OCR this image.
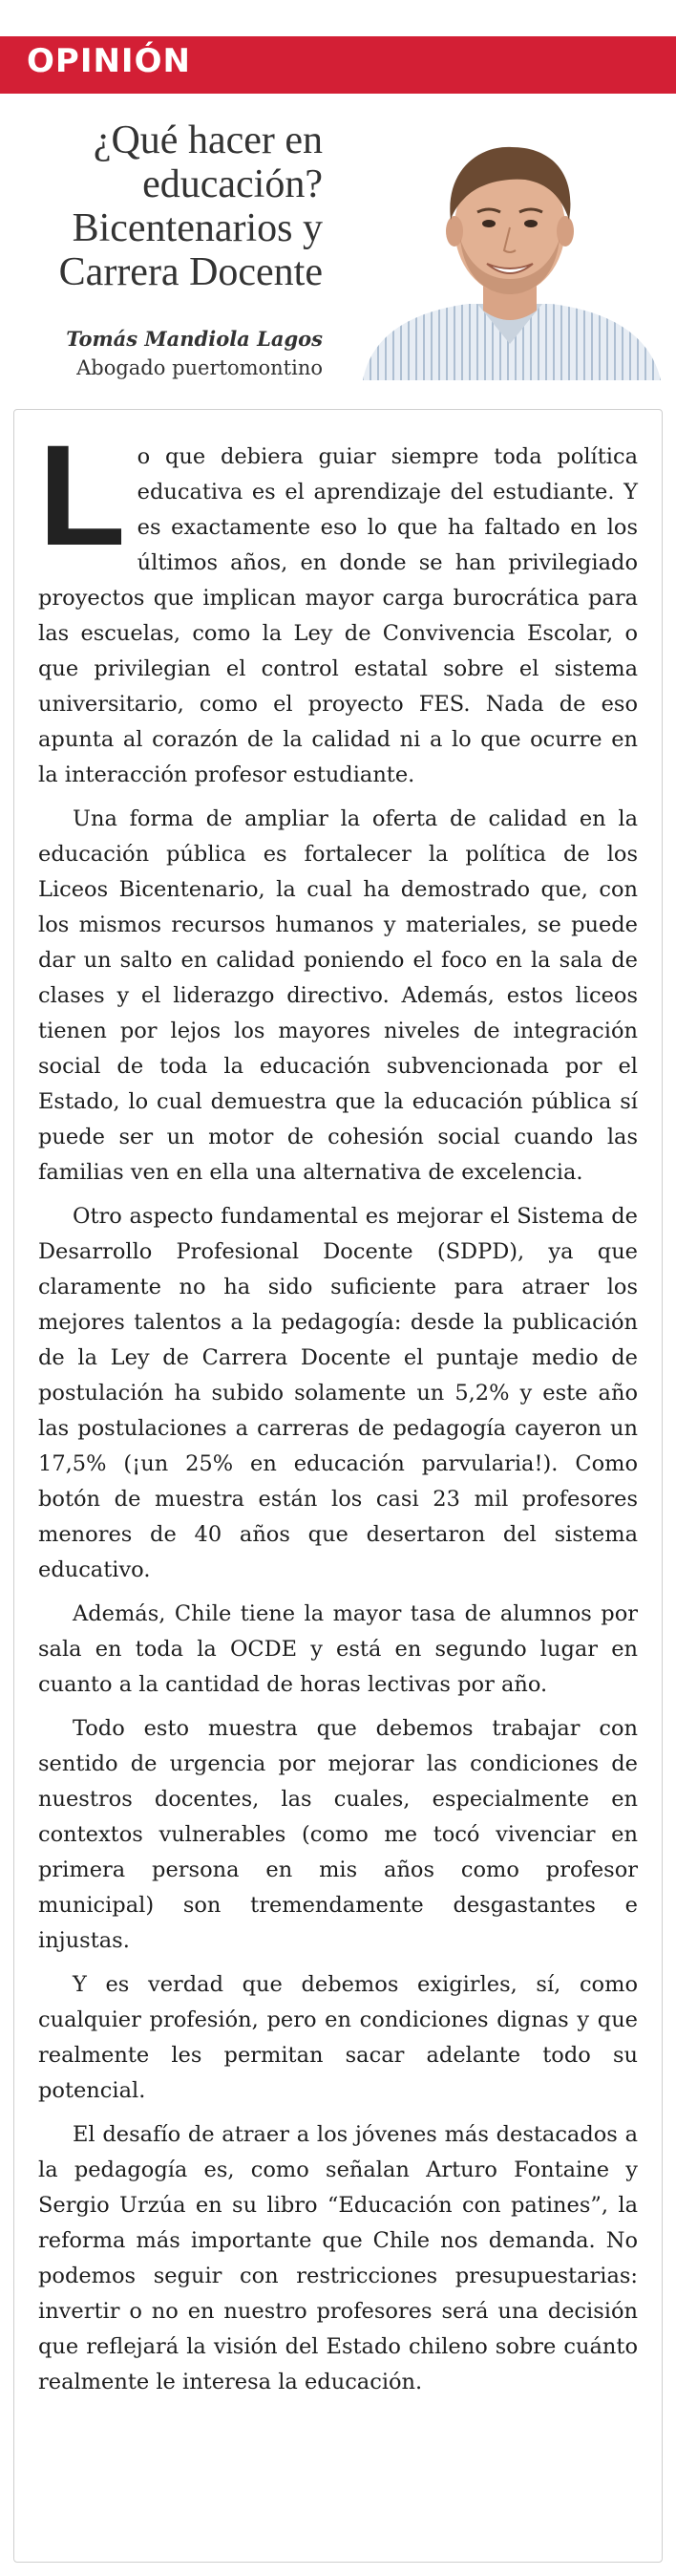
OPINIÓN
¿Qué hacer en
educación?
Bicentenarios y
Carrera Docente
Tomás Mandiola Lagos
Abogado puertomontino

Lo que debiera guiar siempre toda política educativa es el aprendizaje del estudiante. Y es exactamente eso lo que ha faltado en los últimos años, en donde se han privilegiado proyectos que implican mayor carga burocrática para las escuelas, como la Ley de Convivencia Escolar, o que privilegian el control estatal sobre el sistema universitario, como el proyecto FES. Nada de eso apunta al corazón de la calidad ni a lo que ocurre en la interacción profesor estudiante.

Una forma de ampliar la oferta de calidad en la educación pública es fortalecer la política de los Liceos Bicentenario, la cual ha demostrado que, con los mismos recursos humanos y materiales, se puede dar un salto en calidad poniendo el foco en la sala de clases y el liderazgo directivo. Además, estos liceos tienen por lejos los mayores niveles de integración social de toda la educación subvencionada por el Estado, lo cual demuestra que la educación pública sí puede ser un motor de cohesión social cuando las familias ven en ella una alternativa de excelencia.

Otro aspecto fundamental es mejorar el Sistema de Desarrollo Profesional Docente (SDPD), ya que claramente no ha sido suficiente para atraer los mejores talentos a la pedagogía: desde la publicación de la Ley de Carrera Docente el puntaje medio de postulación ha subido solamente un 5,2% y este año las postulaciones a carreras de pedagogía cayeron un 17,5% (¡un 25% en educación parvularia!). Como botón de muestra están los casi 23 mil profesores menores de 40 años que desertaron del sistema educativo.

Además, Chile tiene la mayor tasa de alumnos por sala en toda la OCDE y está en segundo lugar en cuanto a la cantidad de horas lectivas por año.

Todo esto muestra que debemos trabajar con sentido de urgencia por mejorar las condiciones de nuestros docentes, las cuales, especialmente en contextos vulnerables (como me tocó vivenciar en primera persona en mis años como profesor municipal) son tremendamente desgastantes e injustas.

Y es verdad que debemos exigirles, sí, como cualquier profesión, pero en condiciones dignas y que realmente les permitan sacar adelante todo su potencial.

El desafío de atraer a los jóvenes más destacados a la pedagogía es, como señalan Arturo Fontaine y Sergio Urzúa en su libro “Educación con patines”, la reforma más importante que Chile nos demanda. No podemos seguir con restricciones presupuestarias: invertir o no en nuestro profesores será una decisión que reflejará la visión del Estado chileno sobre cuánto realmente le interesa la educación.
